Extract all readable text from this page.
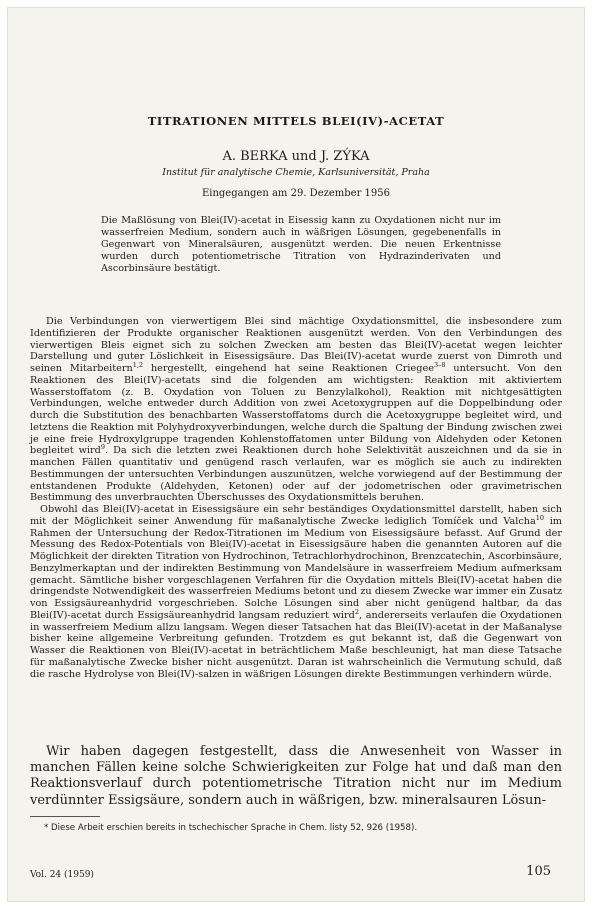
TITRATIONEN MITTELS BLEI(IV)-ACETAT
A. BERKA und J. ZÝKA
Institut für analytische Chemie, Karlsuniversität, Praha
Eingegangen am 29. Dezember 1956
Die Maßlösung von Blei(IV)-acetat in Eisessig kann zu Oxydationen nicht nur im wasserfreien Medium, sondern auch in wäßrigen Lösungen, gegebenenfalls in Gegenwart von Mineralsäuren, ausgenützt werden. Die neuen Erkentnisse wurden durch potentiometrische Titration von Hydrazinderivaten und Ascorbinsäure bestätigt.

Die Verbindungen von vierwertigem Blei sind mächtige Oxydationsmittel, die insbesondere zum Identifizieren der Produkte organischer Reaktionen ausgenützt werden. Von den Verbindungen des vierwertigen Bleis eignet sich zu solchen Zwecken am besten das Blei(IV)-acetat wegen leichter Darstellung und guter Löslichkeit in Eisessigsäure. Das Blei(IV)-acetat wurde zuerst von Dimroth und seinen Mitarbeitern$^{1,2}$ hergestellt, eingehend hat seine Reaktionen Criegee$^{3-8}$ untersucht. Von den Reaktionen des Blei(IV)-acetats sind die folgenden am wichtigsten: Reaktion mit aktiviertem Wasserstoffatom (z. B. Oxydation von Toluen zu Benzylalkohol), Reaktion mit nichtgesättigten Verbindungen, welche entweder durch Addition von zwei Acetoxygruppen auf die Doppelbindung oder durch die Substitution des benachbarten Wasserstoffatoms durch die Acetoxygruppe begleitet wird, und letztens die Reaktion mit Polyhydroxyverbindungen, welche durch die Spaltung der Bindung zwischen zwei je eine freie Hydroxylgruppe tragenden Kohlenstoffatomen unter Bildung von Aldehyden oder Ketonen begleitet wird$^9$. Da sich die letzten zwei Reaktionen durch hohe Selektivität auszeichnen und da sie in manchen Fällen quantitativ und genügend rasch verlaufen, war es möglich sie auch zu indirekten Bestimmungen der untersuchten Verbindungen auszunützen, welche vorwiegend auf der Bestimmung der entstandenen Produkte (Aldehyden, Ketonen) oder auf der jodometrischen oder gravimetrischen Bestimmung des unverbrauchten Überschusses des Oxydationsmittels beruhen.

Obwohl das Blei(IV)-acetat in Eisessigsäure ein sehr beständiges Oxydationsmittel darstellt, haben sich mit der Möglichkeit seiner Anwendung für maßanalytische Zwecke lediglich Tomíček und Valcha$^{10}$ im Rahmen der Untersuchung der Redox-Titrationen im Medium von Eisessigsäure befasst. Auf Grund der Messung des Redox-Potentials von Blei(IV)-acetat in Eisessigsäure haben die genannten Autoren auf die Möglichkeit der direkten Titration von Hydrochinon, Tetrachlorhydrochinon, Brenzcatechin, Ascorbinsäure, Benzylmerkaptan und der indirekten Bestimmung von Mandelsäure in wasserfreiem Medium aufmerksam gemacht. Sämtliche bisher vorgeschlagenen Verfahren für die Oxydation mittels Blei(IV)-acetat haben die dringendste Notwendigkeit des wasserfreien Mediums betont und zu diesem Zwecke war immer ein Zusatz von Essigsäureanhydrid vorgeschrieben. Solche Lösungen sind aber nicht genügend haltbar, da das Blei(IV)-acetat durch Essigsäureanhydrid langsam reduziert wird$^2$, andererseits verlaufen die Oxydationen in wasserfreiem Medium allzu langsam. Wegen dieser Tatsachen hat das Blei(IV)-acetat in der Maßanalyse bisher keine allgemeine Verbreitung gefunden. Trotzdem es gut bekannt ist, daß die Gegenwart von Wasser die Reaktionen von Blei(IV)-acetat in beträchtlichem Maße beschleunigt, hat man diese Tatsache für maßanalytische Zwecke bisher nicht ausgenützt. Daran ist wahrscheinlich die Vermutung schuld, daß die rasche Hydrolyse von Blei(IV)-salzen in wäßrigen Lösungen direkte Bestimmungen verhindern würde.

Wir haben dagegen festgestellt, dass die Anwesenheit von Wasser in manchen Fällen keine solche Schwierigkeiten zur Folge hat und daß man den Reaktionsverlauf durch potentiometrische Titration nicht nur im Medium verdünnter Essigsäure, sondern auch in wäßrigen, bzw. mineralsauren Lösun-

* Diese Arbeit erschien bereits in tschechischer Sprache in Chem. listy 52, 926 (1958).
Vol. 24 (1959)	105
